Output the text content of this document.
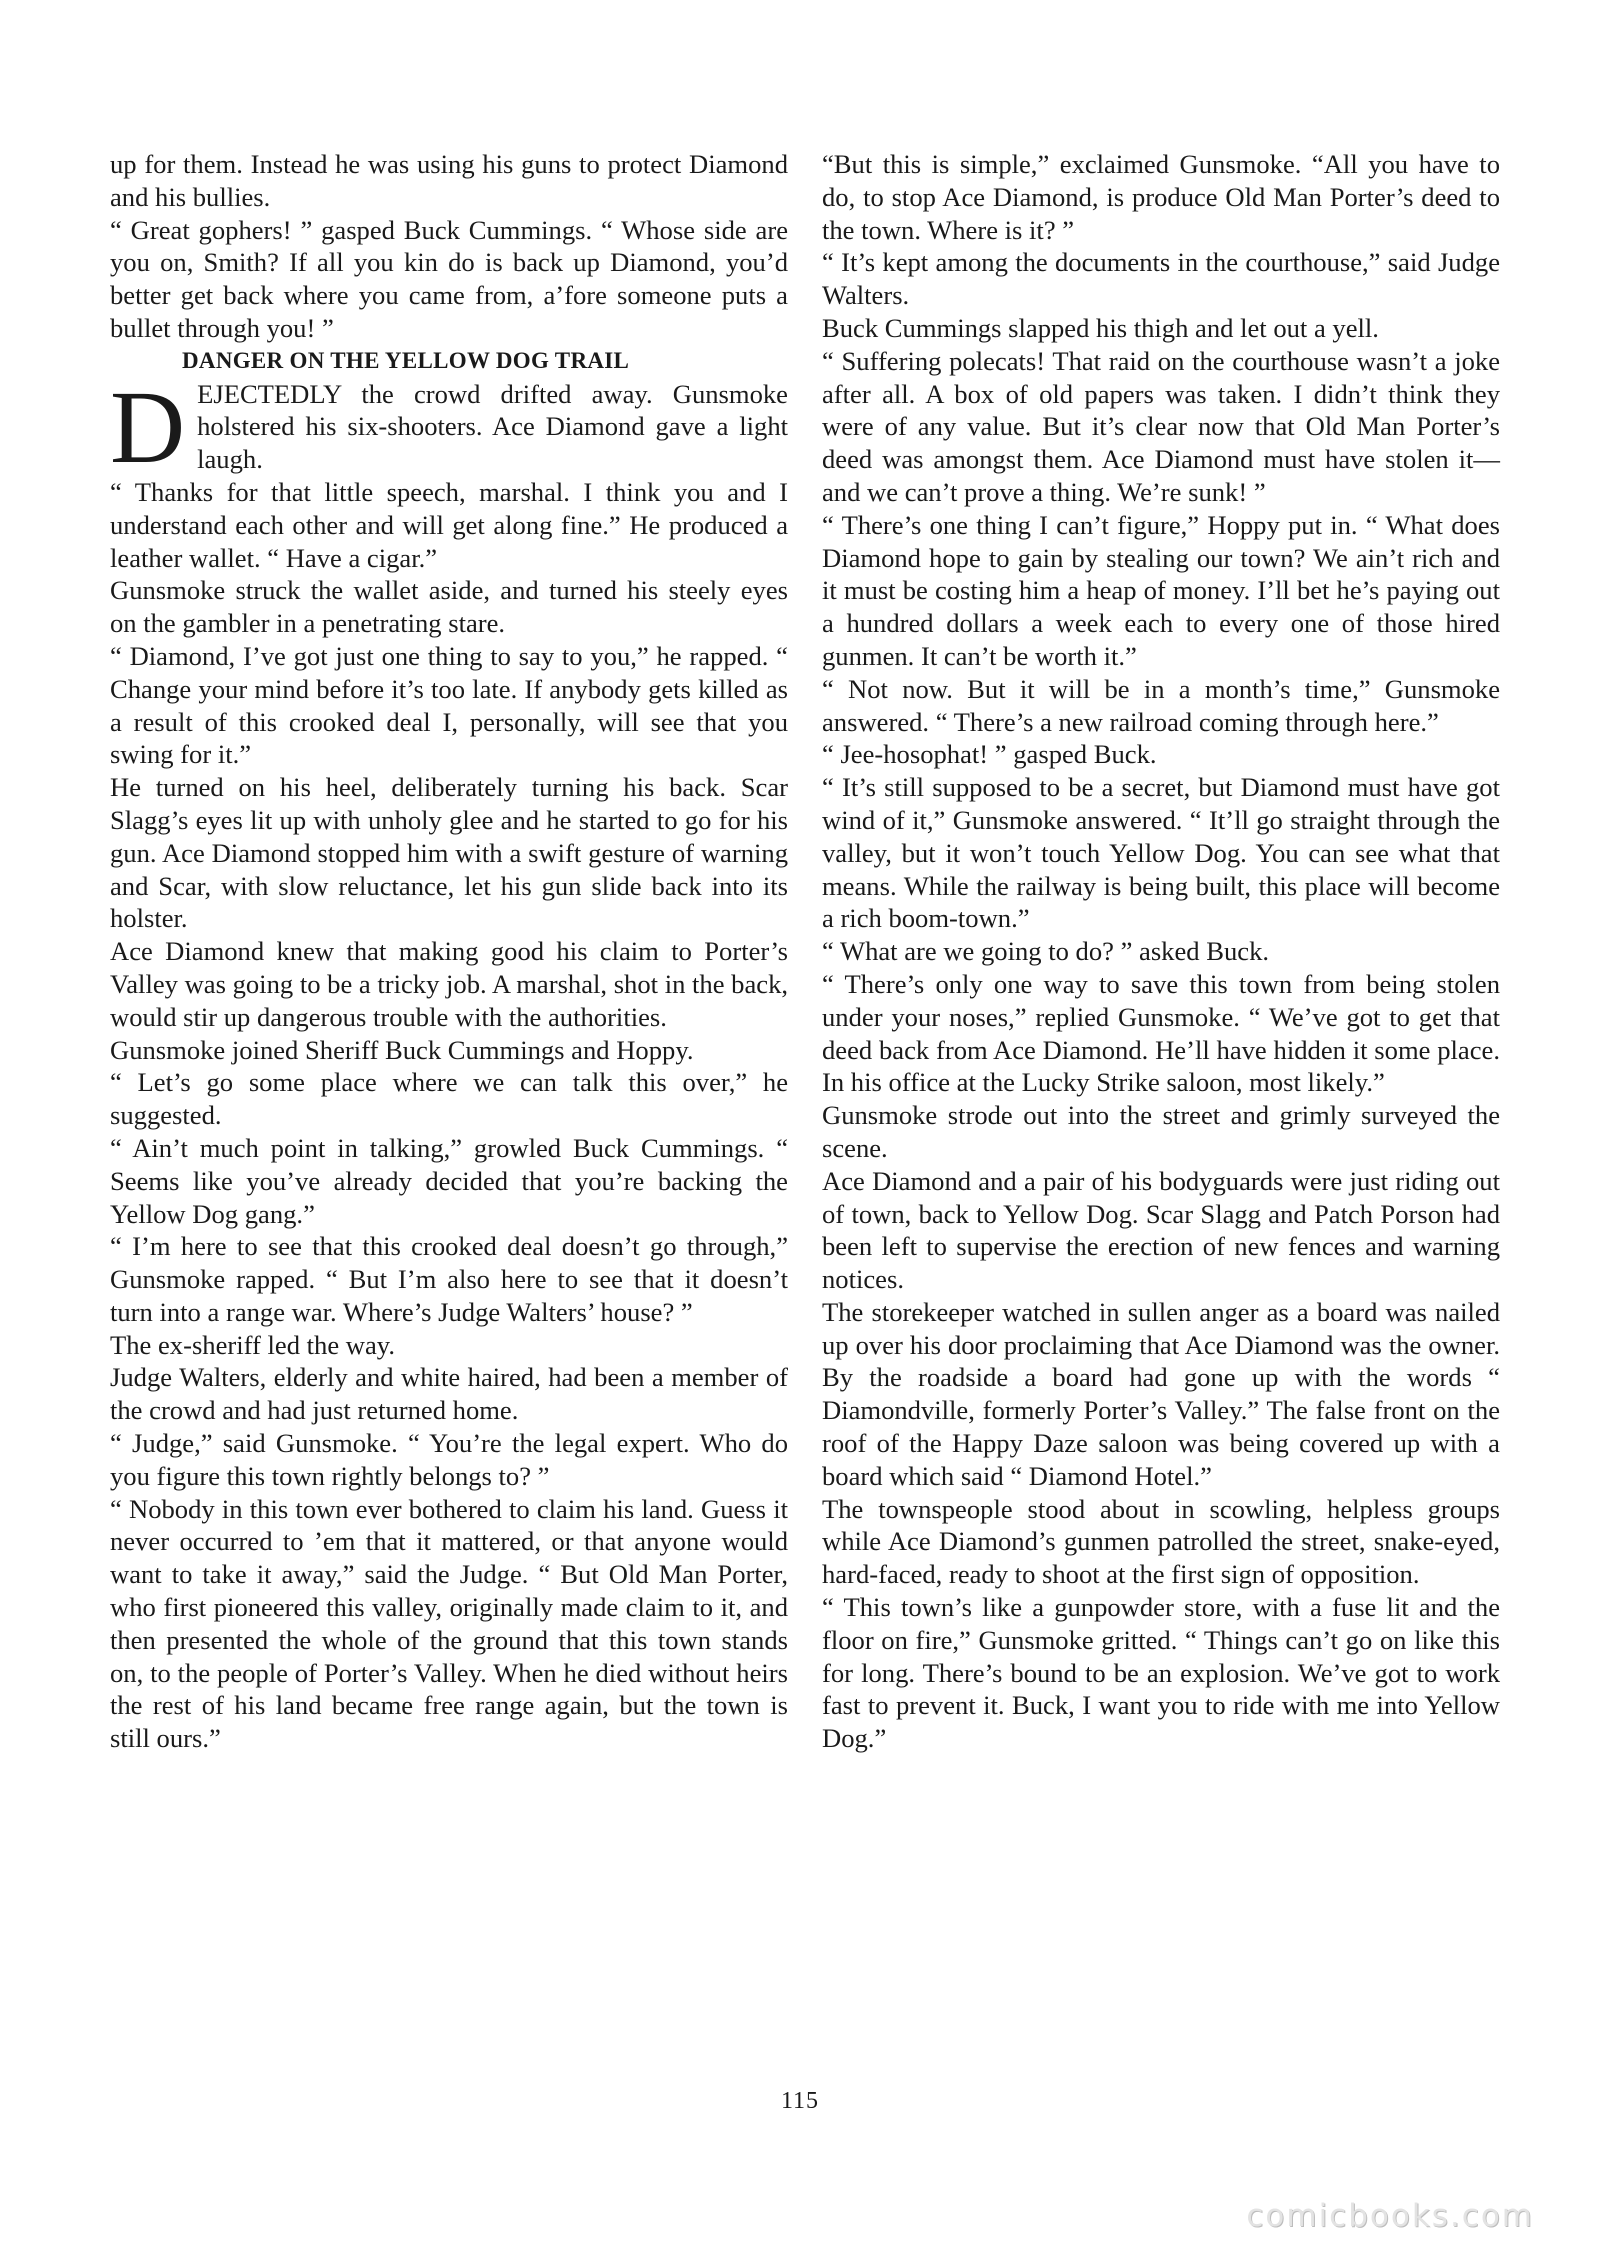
up for them. Instead he was using his guns to protect Diamond and his bullies.

“ Great gophers! ” gasped Buck Cummings. “ Whose side are you on, Smith? If all you kin do is back up Diamond, you’d better get back where you came from, a’fore someone puts a bullet through you! ”

DANGER ON THE YELLOW DOG TRAIL

DEJECTEDLY the crowd drifted away. Gunsmoke holstered his six-shooters. Ace Diamond gave a light laugh.

“ Thanks for that little speech, marshal. I think you and I understand each other and will get along fine.” He produced a leather wallet. “ Have a cigar.”

Gunsmoke struck the wallet aside, and turned his steely eyes on the gambler in a penetrating stare.

“ Diamond, I’ve got just one thing to say to you,” he rapped. “ Change your mind before it’s too late. If anybody gets killed as a result of this crooked deal I, personally, will see that you swing for it.”

He turned on his heel, deliberately turning his back. Scar Slagg’s eyes lit up with unholy glee and he started to go for his gun. Ace Diamond stopped him with a swift gesture of warning and Scar, with slow reluctance, let his gun slide back into its holster.

Ace Diamond knew that making good his claim to Porter’s Valley was going to be a tricky job. A marshal, shot in the back, would stir up dangerous trouble with the authorities.

Gunsmoke joined Sheriff Buck Cummings and Hoppy.

“ Let’s go some place where we can talk this over,” he suggested.

“ Ain’t much point in talking,” growled Buck Cummings. “ Seems like you’ve already decided that you’re backing the Yellow Dog gang.”

“ I’m here to see that this crooked deal doesn’t go through,” Gunsmoke rapped. “ But I’m also here to see that it doesn’t turn into a range war. Where’s Judge Walters’ house? ”

The ex-sheriff led the way.

Judge Walters, elderly and white haired, had been a member of the crowd and had just returned home.

“ Judge,” said Gunsmoke. “ You’re the legal expert. Who do you figure this town rightly belongs to? ”

“ Nobody in this town ever bothered to claim his land. Guess it never occurred to ’em that it mattered, or that anyone would want to take it away,” said the Judge. “ But Old Man Porter, who first pioneered this valley, originally made claim to it, and then presented the whole of the ground that this town stands on, to the people of Porter’s Valley. When he died without heirs the rest of his land became free range again, but the town is still ours.”

“But this is simple,” exclaimed Gunsmoke. “All you have to do, to stop Ace Diamond, is produce Old Man Porter’s deed to the town. Where is it? ”

“ It’s kept among the documents in the courthouse,” said Judge Walters.

Buck Cummings slapped his thigh and let out a yell.

“ Suffering polecats! That raid on the courthouse wasn’t a joke after all. A box of old papers was taken. I didn’t think they were of any value. But it’s clear now that Old Man Porter’s deed was amongst them. Ace Diamond must have stolen it—and we can’t prove a thing. We’re sunk! ”

“ There’s one thing I can’t figure,” Hoppy put in. “ What does Diamond hope to gain by stealing our town? We ain’t rich and it must be costing him a heap of money. I’ll bet he’s paying out a hundred dollars a week each to every one of those hired gunmen. It can’t be worth it.”

“ Not now. But it will be in a month’s time,” Gunsmoke answered. “ There’s a new railroad coming through here.”

“ Jee-hosophat! ” gasped Buck.

“ It’s still supposed to be a secret, but Diamond must have got wind of it,” Gunsmoke answered. “ It’ll go straight through the valley, but it won’t touch Yellow Dog. You can see what that means. While the railway is being built, this place will become a rich boom-town.”

“ What are we going to do? ” asked Buck.

“ There’s only one way to save this town from being stolen under your noses,” replied Gunsmoke. “ We’ve got to get that deed back from Ace Diamond. He’ll have hidden it some place. In his office at the Lucky Strike saloon, most likely.”

Gunsmoke strode out into the street and grimly surveyed the scene.

Ace Diamond and a pair of his bodyguards were just riding out of town, back to Yellow Dog. Scar Slagg and Patch Porson had been left to supervise the erection of new fences and warning notices.

The storekeeper watched in sullen anger as a board was nailed up over his door proclaiming that Ace Diamond was the owner. By the roadside a board had gone up with the words “ Diamondville, formerly Porter’s Valley.” The false front on the roof of the Happy Daze saloon was being covered up with a board which said “ Diamond Hotel.”

The townspeople stood about in scowling, helpless groups while Ace Diamond’s gunmen patrolled the street, snake-eyed, hard-faced, ready to shoot at the first sign of opposition.

“ This town’s like a gunpowder store, with a fuse lit and the floor on fire,” Gunsmoke gritted. “ Things can’t go on like this for long. There’s bound to be an explosion. We’ve got to work fast to prevent it. Buck, I want you to ride with me into Yellow Dog.”

115
comicbooks.com
